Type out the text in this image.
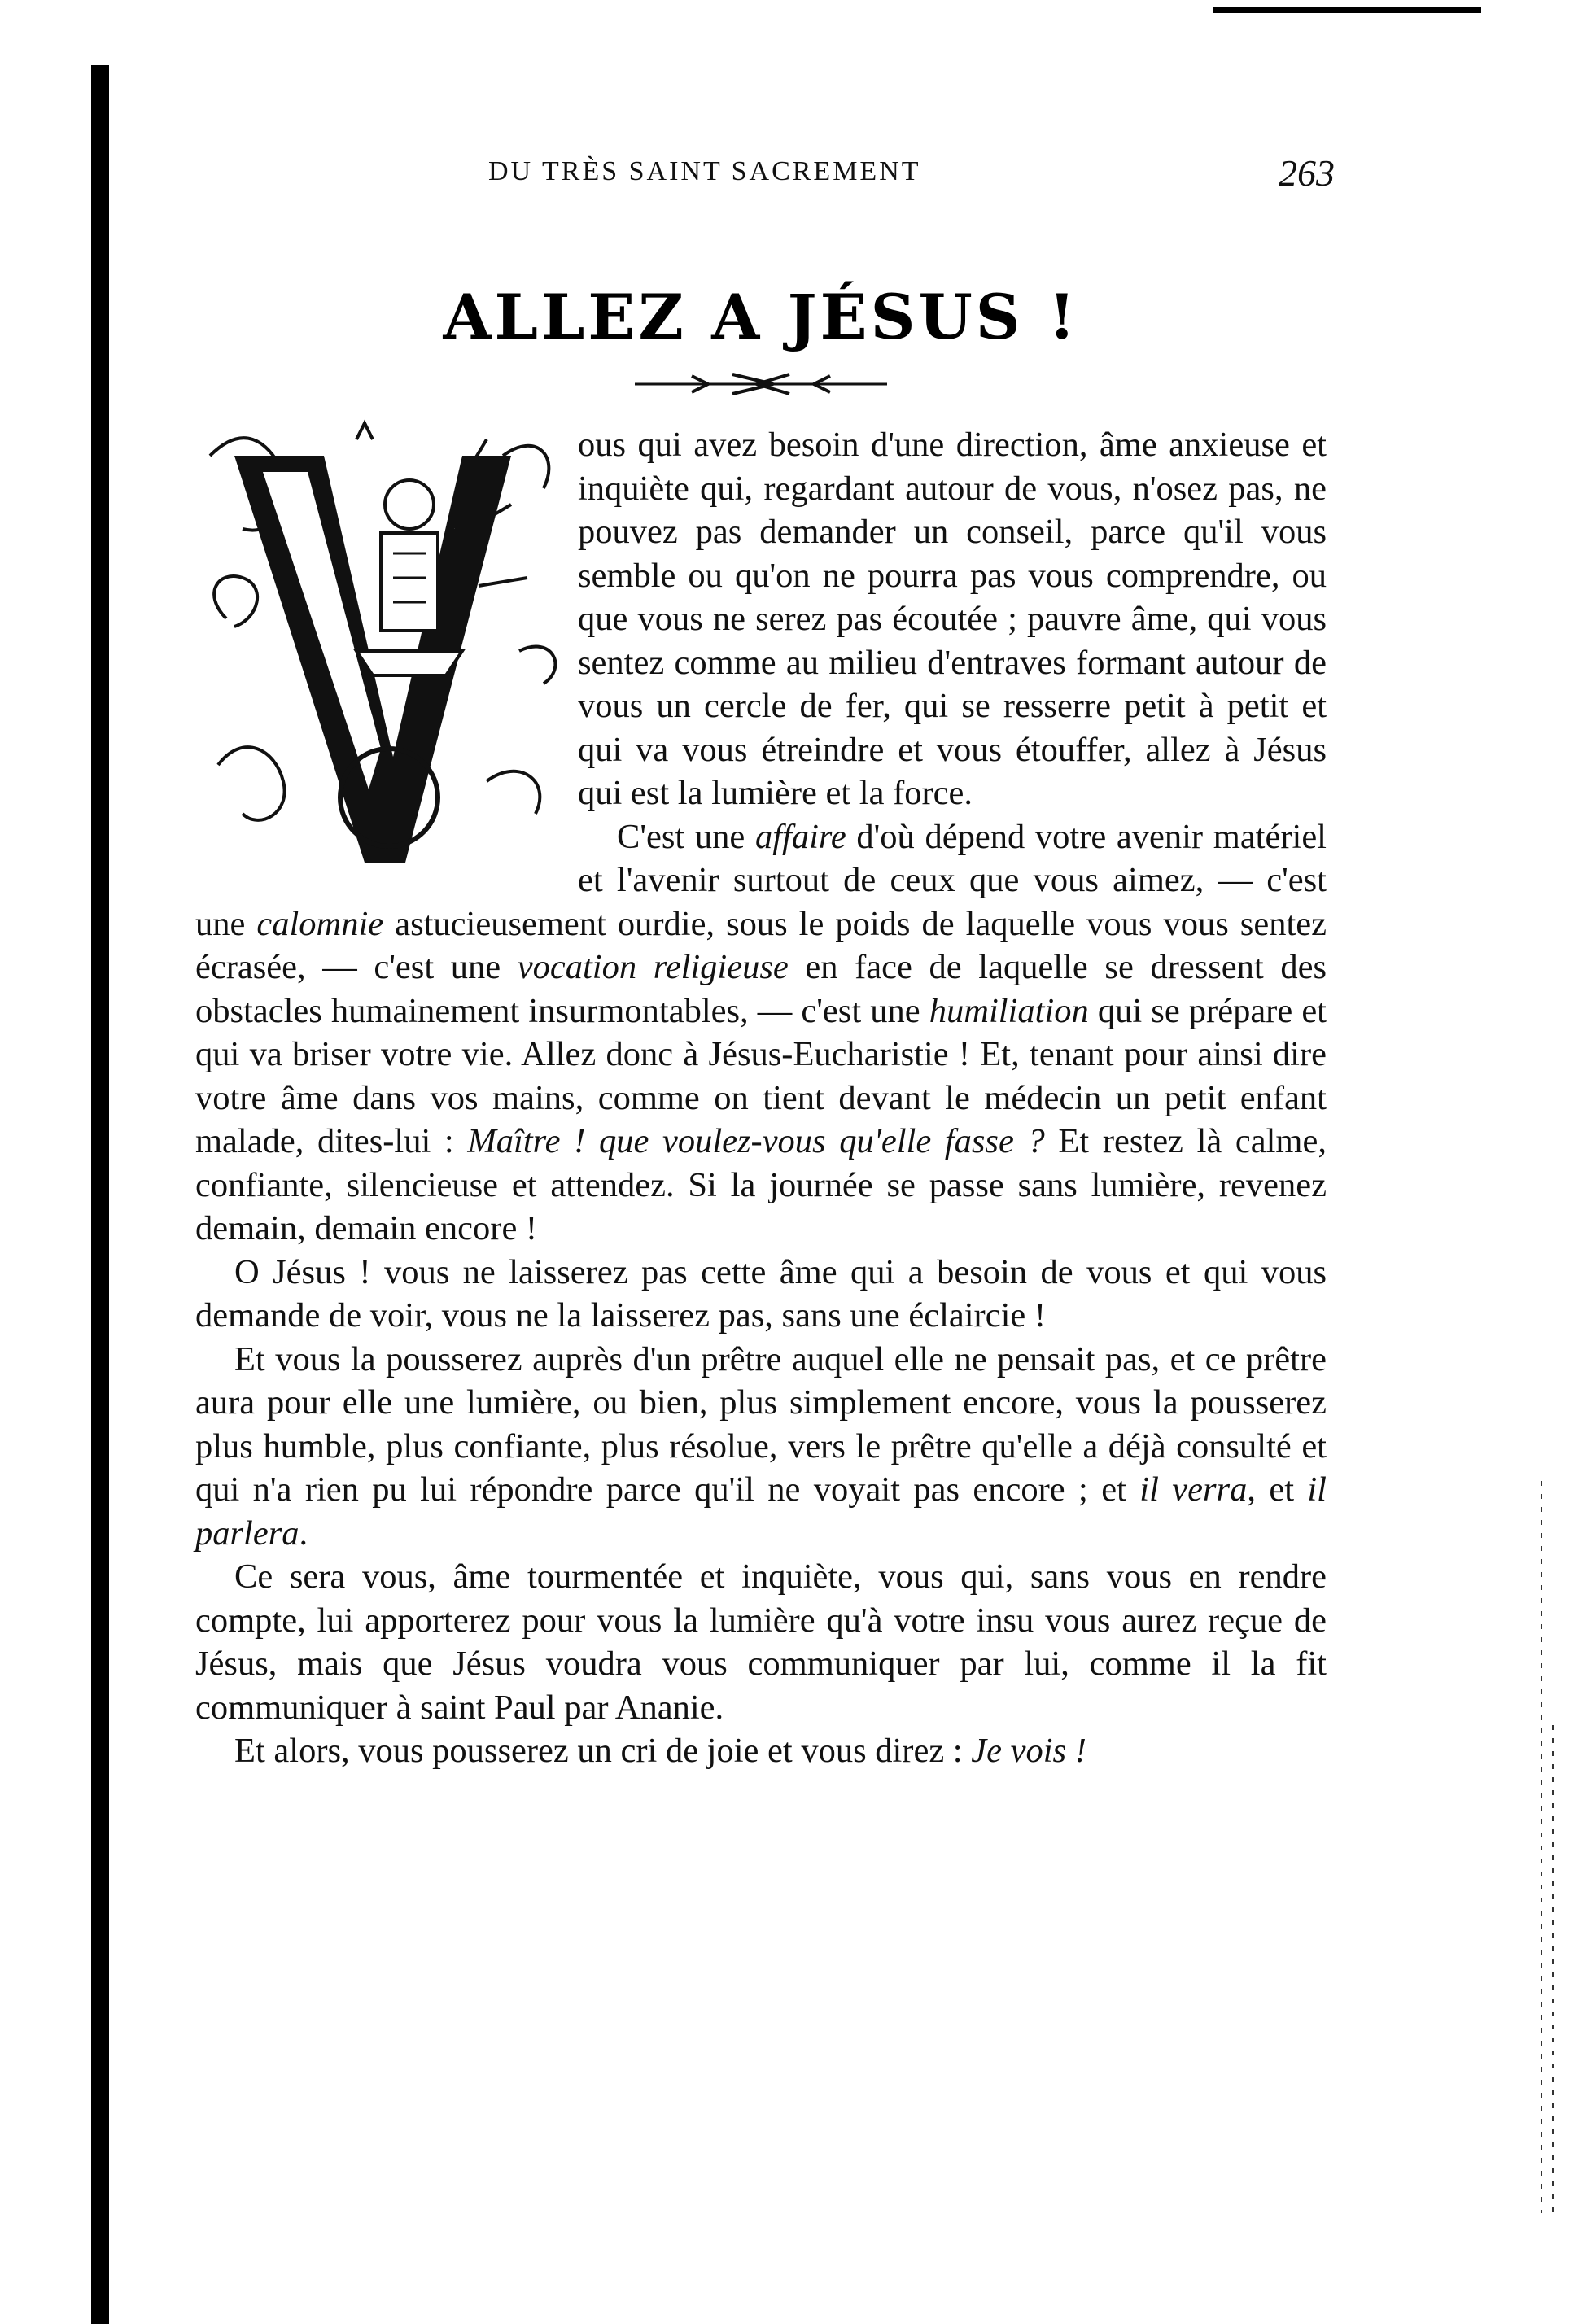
DU TRÈS SAINT SACREMENT	263
ALLEZ A JÉSUS !
V

ous qui avez besoin d'une direction, âme anxieuse et inquiète qui, regardant autour de vous, n'osez pas, ne pouvez pas demander un conseil, parce qu'il vous semble ou qu'on ne pourra pas vous comprendre, ou que vous ne serez pas écoutée ; pauvre âme, qui vous sentez comme au milieu d'entraves formant autour de vous un cercle de fer, qui se resserre petit à petit et qui va vous étreindre et vous étouffer, allez à Jésus qui est la lumière et la force.

C'est une affaire d'où dépend votre avenir matériel et l'avenir surtout de ceux que vous aimez, — c'est une calomnie astucieusement ourdie, sous le poids de laquelle vous vous sentez écrasée, — c'est une vocation religieuse en face de laquelle se dressent des obstacles humainement insurmontables, — c'est une humiliation qui se prépare et qui va briser votre vie. Allez donc à Jésus-Eucharistie ! Et, tenant pour ainsi dire votre âme dans vos mains, comme on tient devant le médecin un petit enfant malade, dites-lui : Maître ! que voulez-vous qu'elle fasse ? Et restez là calme, confiante, silencieuse et attendez. Si la journée se passe sans lumière, revenez demain, demain encore !

O Jésus ! vous ne laisserez pas cette âme qui a besoin de vous et qui vous demande de voir, vous ne la laisserez pas, sans une éclaircie !

Et vous la pousserez auprès d'un prêtre auquel elle ne pensait pas, et ce prêtre aura pour elle une lumière, ou bien, plus simplement encore, vous la pousserez plus humble, plus confiante, plus résolue, vers le prêtre qu'elle a déjà consulté et qui n'a rien pu lui répondre parce qu'il ne voyait pas encore ; et il verra, et il parlera.

Ce sera vous, âme tourmentée et inquiète, vous qui, sans vous en rendre compte, lui apporterez pour vous la lumière qu'à votre insu vous aurez reçue de Jésus, mais que Jésus voudra vous communiquer par lui, comme il la fit communiquer à saint Paul par Ananie.

Et alors, vous pousserez un cri de joie et vous direz : Je vois !
